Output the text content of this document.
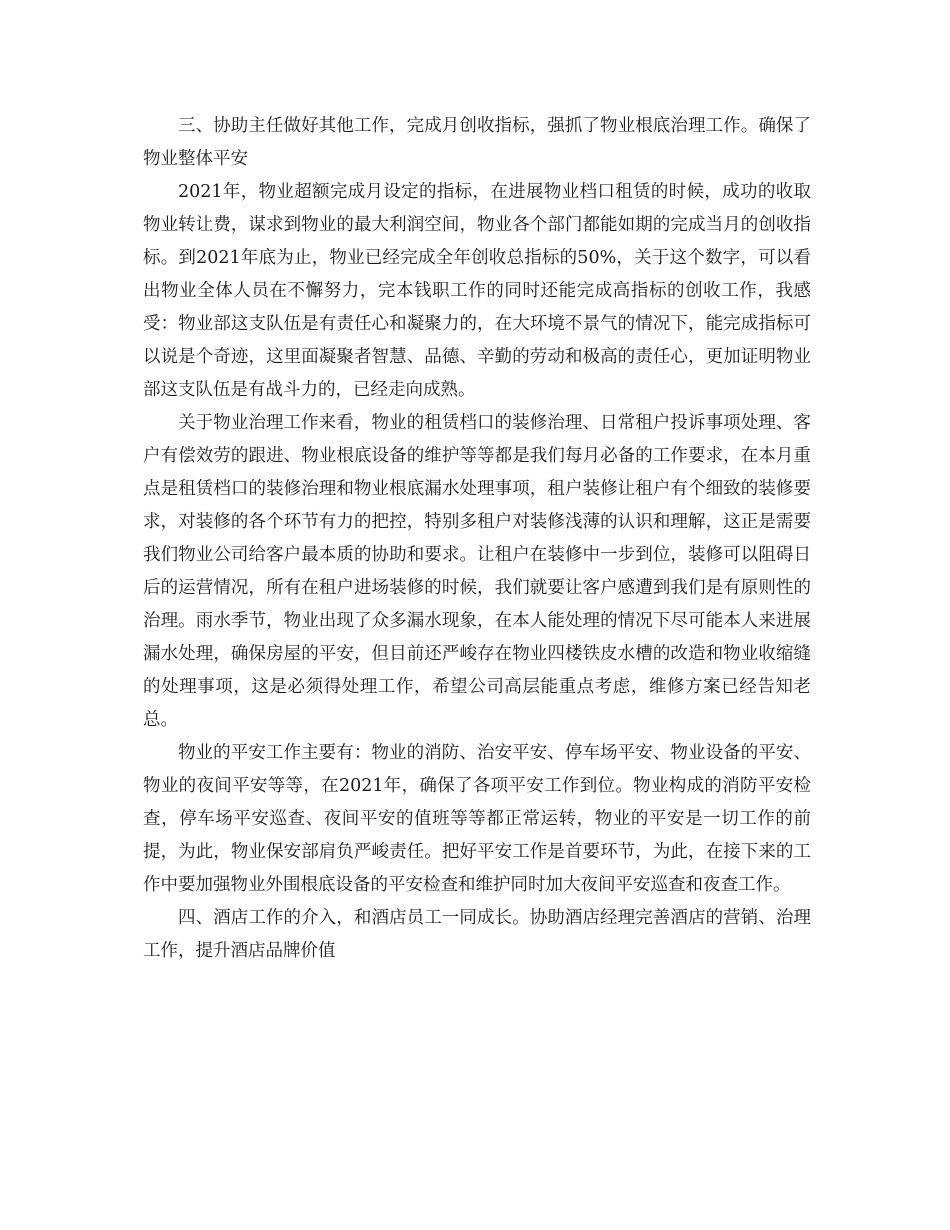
三、协助主任做好其他工作，完成月创收指标，强抓了物业根底治理工作。确保了物业整体平安

2021年，物业超额完成月设定的指标，在进展物业档口租赁的时候，成功的收取物业转让费，谋求到物业的最大利润空间，物业各个部门都能如期的完成当月的创收指标。到2021年底为止，物业已经完成全年创收总指标的50%，关于这个数字，可以看出物业全体人员在不懈努力，完本钱职工作的同时还能完成高指标的创收工作，我感受：物业部这支队伍是有责任心和凝聚力的，在大环境不景气的情况下，能完成指标可以说是个奇迹，这里面凝聚者智慧、品德、辛勤的劳动和极高的责任心，更加证明物业部这支队伍是有战斗力的，已经走向成熟。

关于物业治理工作来看，物业的租赁档口的装修治理、日常租户投诉事项处理、客户有偿效劳的跟进、物业根底设备的维护等等都是我们每月必备的工作要求，在本月重点是租赁档口的装修治理和物业根底漏水处理事项，租户装修让租户有个细致的装修要求，对装修的各个环节有力的把控，特别多租户对装修浅薄的认识和理解，这正是需要我们物业公司给客户最本质的协助和要求。让租户在装修中一步到位，装修可以阻碍日后的运营情况，所有在租户进场装修的时候，我们就要让客户感遭到我们是有原则性的治理。雨水季节，物业出现了众多漏水现象，在本人能处理的情况下尽可能本人来进展漏水处理，确保房屋的平安，但目前还严峻存在物业四楼铁皮水槽的改造和物业收缩缝的处理事项，这是必须得处理工作，希望公司高层能重点考虑，维修方案已经告知老总。

物业的平安工作主要有：物业的消防、治安平安、停车场平安、物业设备的平安、物业的夜间平安等等，在2021年，确保了各项平安工作到位。物业构成的消防平安检查，停车场平安巡查、夜间平安的值班等等都正常运转，物业的平安是一切工作的前提，为此，物业保安部肩负严峻责任。把好平安工作是首要环节，为此，在接下来的工作中要加强物业外围根底设备的平安检查和维护同时加大夜间平安巡查和夜查工作。

四、酒店工作的介入，和酒店员工一同成长。协助酒店经理完善酒店的营销、治理工作，提升酒店品牌价值
